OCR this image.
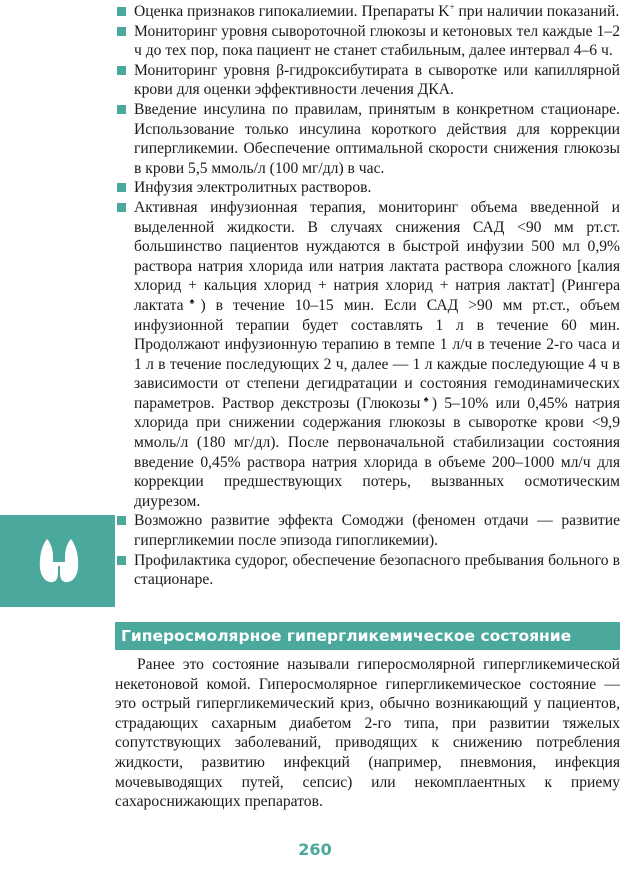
Оценка признаков гипокалиемии. Препараты K+ при наличии показаний.
Мониторинг уровня сывороточной глюкозы и кетоновых тел каждые 1–2 ч до тех пор, пока пациент не станет стабильным, далее интервал 4–6 ч.
Мониторинг уровня β-гидроксибутирата в сыворотке или капиллярной крови для оценки эффективности лечения ДКА.
Введение инсулина по правилам, принятым в конкретном стационаре. Использование только инсулина короткого действия для коррекции гипергликемии. Обеспечение оптимальной скорости снижения глюкозы в крови 5,5 ммоль/л (100 мг/дл) в час.
Инфузия электролитных растворов.
Активная инфузионная терапия, мониторинг объема введенной и выделенной жидкости. В случаях снижения САД <90 мм рт.ст. большинство пациентов нуждаются в быстрой инфузии 500 мл 0,9% раствора натрия хлорида или натрия лактата раствора сложного [калия хлорид + кальция хлорид + натрия хлорид + натрия лактат] (Рингера лактата♠) в течение 10–15 мин. Если САД >90 мм рт.ст., объем инфузионной терапии будет составлять 1 л в течение 60 мин. Продолжают инфузионную терапию в темпе 1 л/ч в течение 2-го часа и 1 л в течение последующих 2 ч, далее — 1 л каждые последующие 4 ч в зависимости от степени дегидратации и состояния гемодинамических параметров. Раствор декстрозы (Глюкозы♠) 5–10% или 0,45% натрия хлорида при снижении содержания глюкозы в сыворотке крови <9,9 ммоль/л (180 мг/дл). После первоначальной стабилизации состояния введение 0,45% раствора натрия хлорида в объеме 200–1000 мл/ч для коррекции предшествующих потерь, вызванных осмотическим диурезом.
Возможно развитие эффекта Сомоджи (феномен отдачи — развитие гипергликемии после эпизода гипогликемии).
Профилактика судорог, обеспечение безопасного пребывания больного в стационаре.
Гиперосмолярное гипергликемическое состояние

Ранее это состояние называли гиперосмолярной гипергликемической некетоновой комой. Гиперосмолярное гипергликемическое состояние — это острый гипергликемический криз, обычно возникающий у пациентов, страдающих сахарным диабетом 2-го типа, при развитии тяжелых сопутствующих заболеваний, приводящих к снижению потребления жидкости, развитию инфекций (например, пневмония, инфекция мочевыводящих путей, сепсис) или некомплаентных к приему сахароснижающих препаратов.

260
